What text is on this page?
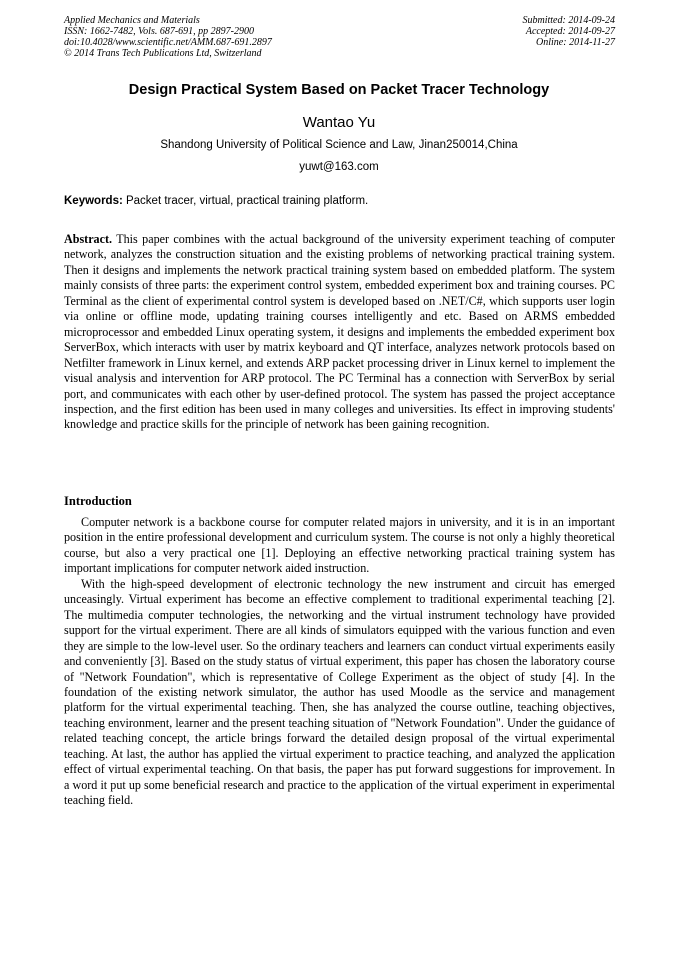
Applied Mechanics and Materials
ISSN: 1662-7482, Vols. 687-691, pp 2897-2900
doi:10.4028/www.scientific.net/AMM.687-691.2897
© 2014 Trans Tech Publications Ltd, Switzerland
Submitted: 2014-09-24
Accepted: 2014-09-27
Online: 2014-11-27
Design Practical System Based on Packet Tracer Technology
Wantao Yu
Shandong University of Political Science and Law, Jinan250014,China
yuwt@163.com
Keywords: Packet tracer, virtual, practical training platform.
Abstract. This paper combines with the actual background of the university experiment teaching of computer network, analyzes the construction situation and the existing problems of networking practical training system. Then it designs and implements the network practical training system based on embedded platform. The system mainly consists of three parts: the experiment control system, embedded experiment box and training courses. PC Terminal as the client of experimental control system is developed based on .NET/C#, which supports user login via online or offline mode, updating training courses intelligently and etc. Based on ARMS embedded microprocessor and embedded Linux operating system, it designs and implements the embedded experiment box ServerBox, which interacts with user by matrix keyboard and QT interface, analyzes network protocols based on Netfilter framework in Linux kernel, and extends ARP packet processing driver in Linux kernel to implement the visual analysis and intervention for ARP protocol. The PC Terminal has a connection with ServerBox by serial port, and communicates with each other by user-defined protocol. The system has passed the project acceptance inspection, and the first edition has been used in many colleges and universities. Its effect in improving students' knowledge and practice skills for the principle of network has been gaining recognition.
Introduction

Computer network is a backbone course for computer related majors in university, and it is in an important position in the entire professional development and curriculum system. The course is not only a highly theoretical course, but also a very practical one [1]. Deploying an effective networking practical training system has important implications for computer network aided instruction.

With the high-speed development of electronic technology the new instrument and circuit has emerged unceasingly. Virtual experiment has become an effective complement to traditional experimental teaching [2]. The multimedia computer technologies, the networking and the virtual instrument technology have provided support for the virtual experiment. There are all kinds of simulators equipped with the various function and even they are simple to the low-level user. So the ordinary teachers and learners can conduct virtual experiments easily and conveniently [3]. Based on the study status of virtual experiment, this paper has chosen the laboratory course of "Network Foundation", which is representative of College Experiment as the object of study [4]. In the foundation of the existing network simulator, the author has used Moodle as the service and management platform for the virtual experimental teaching. Then, she has analyzed the course outline, teaching objectives, teaching environment, learner and the present teaching situation of "Network Foundation". Under the guidance of related teaching concept, the article brings forward the detailed design proposal of the virtual experimental teaching. At last, the author has applied the virtual experiment to practice teaching, and analyzed the application effect of virtual experimental teaching. On that basis, the paper has put forward suggestions for improvement. In a word it put up some beneficial research and practice to the application of the virtual experiment in experimental teaching field.
